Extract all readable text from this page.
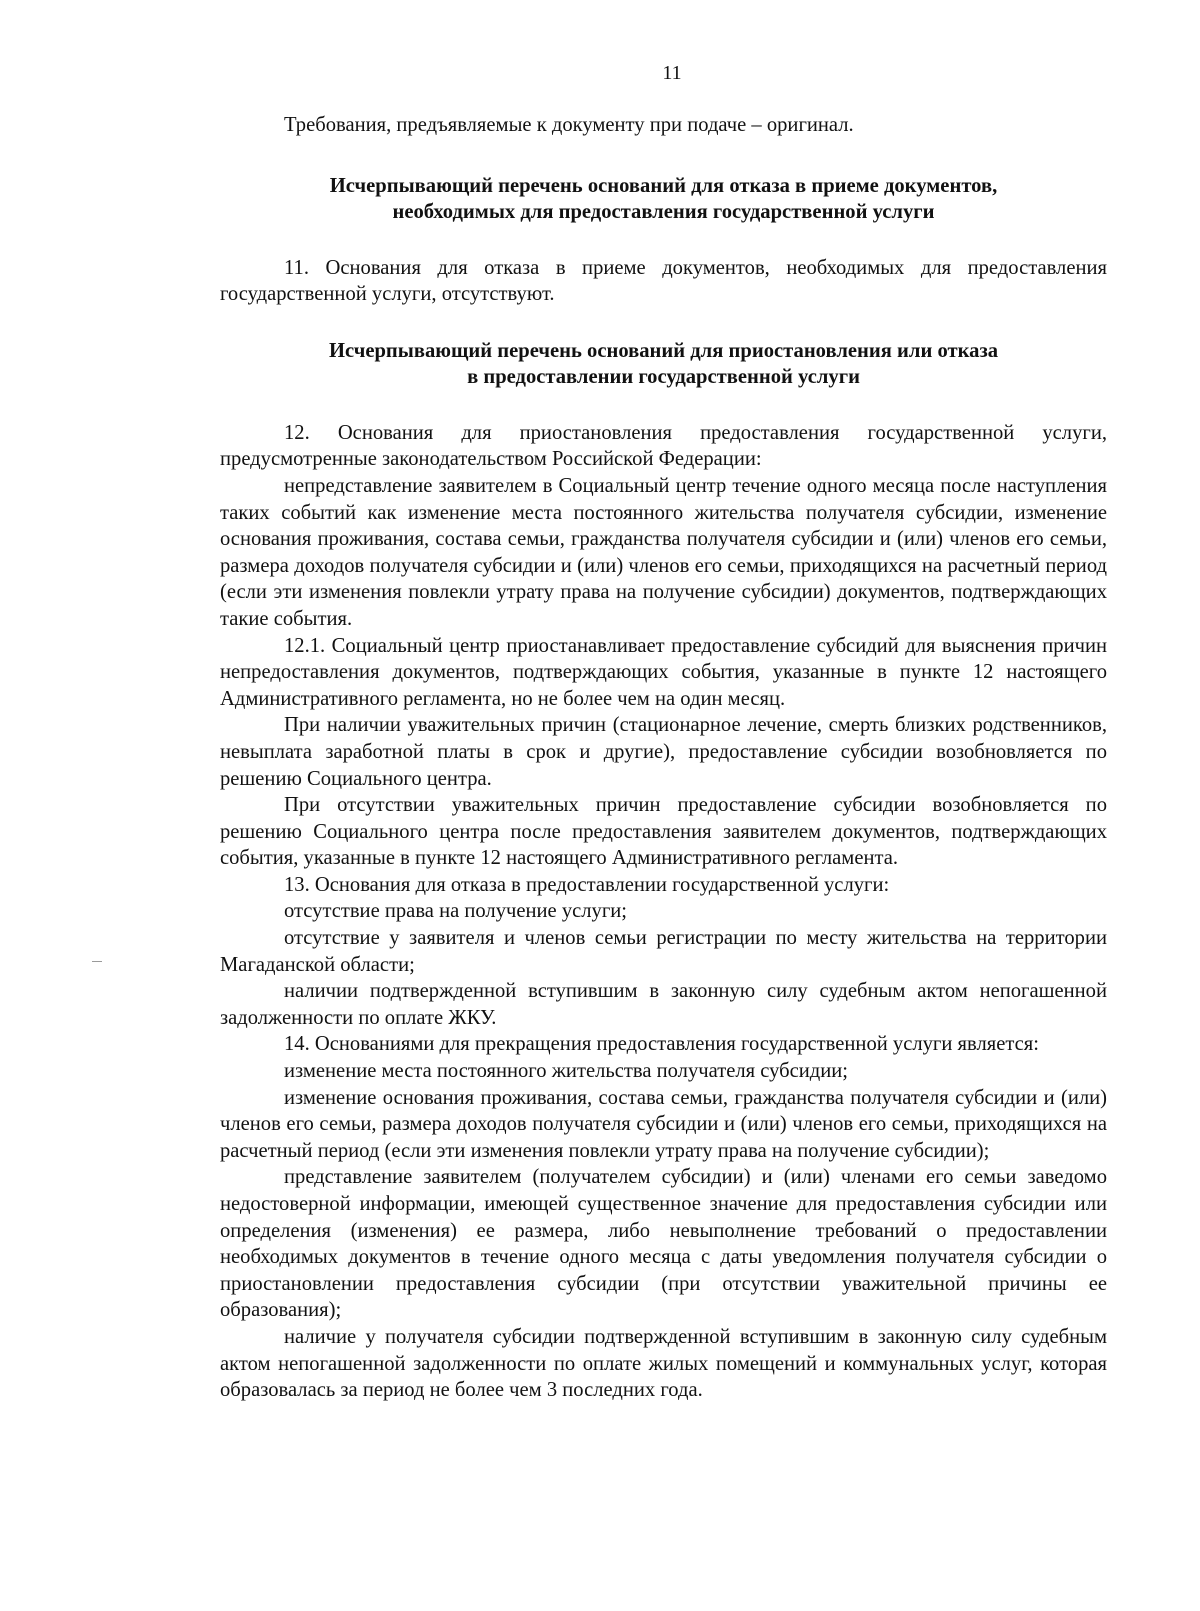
11

Требования, предъявляемые к документу при подаче – оригинал.

Исчерпывающий перечень оснований для отказа в приеме документов,
необходимых для предоставления государственной услуги

11. Основания для отказа в приеме документов, необходимых для предоставления государственной услуги, отсутствуют.

Исчерпывающий перечень оснований для приостановления или отказа
в предоставлении государственной услуги

12. Основания для приостановления предоставления государственной услуги, предусмотренные законодательством Российской Федерации:

непредставление заявителем в Социальный центр течение одного месяца после наступления таких событий как изменение места постоянного жительства получателя субсидии, изменение основания проживания, состава семьи, гражданства получателя субсидии и (или) членов его семьи, размера доходов получателя субсидии и (или) членов его семьи, приходящихся на расчетный период (если эти изменения повлекли утрату права на получение субсидии) документов, подтверждающих такие события.

12.1. Социальный центр приостанавливает предоставление субсидий для выяснения причин непредоставления документов, подтверждающих события, указанные в пункте 12 настоящего Административного регламента, но не более чем на один месяц.

При наличии уважительных причин (стационарное лечение, смерть близких родственников, невыплата заработной платы в срок и другие), предоставление субсидии возобновляется по решению Социального центра.

При отсутствии уважительных причин предоставление субсидии возобновляется по решению Социального центра после предоставления заявителем документов, подтверждающих события, указанные в пункте 12 настоящего Административного регламента.

13. Основания для отказа в предоставлении государственной услуги:

отсутствие права на получение услуги;

отсутствие у заявителя и членов семьи регистрации по месту жительства на территории Магаданской области;

наличии подтвержденной вступившим в законную силу судебным актом непогашенной задолженности по оплате ЖКУ.

14. Основаниями для прекращения предоставления государственной услуги является:

изменение места постоянного жительства получателя субсидии;

изменение основания проживания, состава семьи, гражданства получателя субсидии и (или) членов его семьи, размера доходов получателя субсидии и (или) членов его семьи, приходящихся на расчетный период (если эти изменения повлекли утрату права на получение субсидии);

представление заявителем (получателем субсидии) и (или) членами его семьи заведомо недостоверной информации, имеющей существенное значение для предоставления субсидии или определения (изменения) ее размера, либо невыполнение требований о предоставлении необходимых документов в течение одного месяца с даты уведомления получателя субсидии о приостановлении предоставления субсидии (при отсутствии уважительной причины ее образования);

наличие у получателя субсидии подтвержденной вступившим в законную силу судебным актом непогашенной задолженности по оплате жилых помещений и коммунальных услуг, которая образовалась за период не более чем 3 последних года.
